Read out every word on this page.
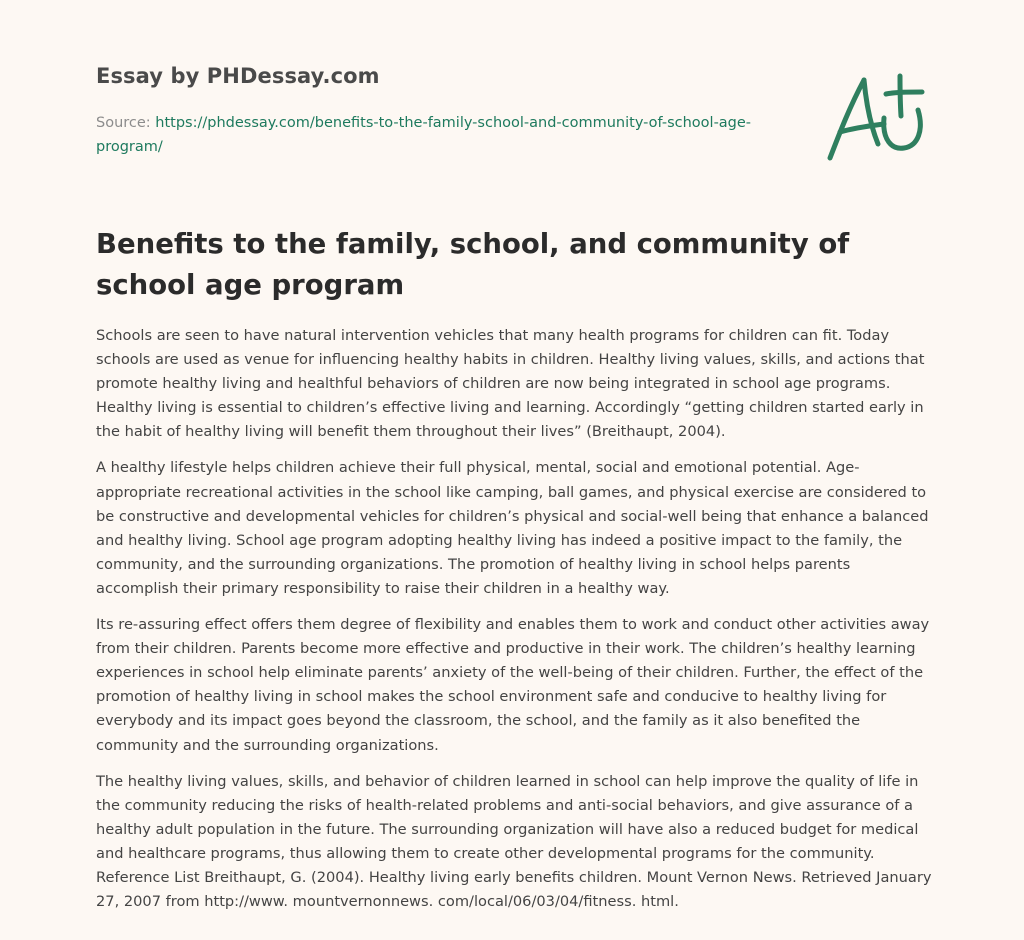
Essay by PHDessay.com
Source: https://phdessay.com/benefits-to-the-family-school-and-community-of-school-age-program/
Benefits to the family, school, and community of school age program

Schools are seen to have natural intervention vehicles that many health programs for children can fit. Today schools are used as venue for influencing healthy habits in children. Healthy living values, skills, and actions that promote healthy living and healthful behaviors of children are now being integrated in school age programs. Healthy living is essential to children’s effective living and learning. Accordingly “getting children started early in the habit of healthy living will benefit them throughout their lives” (Breithaupt, 2004).

A healthy lifestyle helps children achieve their full physical, mental, social and emotional potential. Age-appropriate recreational activities in the school like camping, ball games, and physical exercise are considered to be constructive and developmental vehicles for children’s physical and social-well being that enhance a balanced and healthy living. School age program adopting healthy living has indeed a positive impact to the family, the community, and the surrounding organizations. The promotion of healthy living in school helps parents accomplish their primary responsibility to raise their children in a healthy way.

Its re-assuring effect offers them degree of flexibility and enables them to work and conduct other activities away from their children. Parents become more effective and productive in their work. The children’s healthy learning experiences in school help eliminate parents’ anxiety of the well-being of their children. Further, the effect of the promotion of healthy living in school makes the school environment safe and conducive to healthy living for everybody and its impact goes beyond the classroom, the school, and the family as it also benefited the community and the surrounding organizations.

The healthy living values, skills, and behavior of children learned in school can help improve the quality of life in the community reducing the risks of health-related problems and anti-social behaviors, and give assurance of a healthy adult population in the future. The surrounding organization will have also a reduced budget for medical and healthcare programs, thus allowing them to create other developmental programs for the community. Reference List Breithaupt, G. (2004). Healthy living early benefits children. Mount Vernon News. Retrieved January 27, 2007 from http://www. mountvernonnews. com/local/06/03/04/fitness. html.
